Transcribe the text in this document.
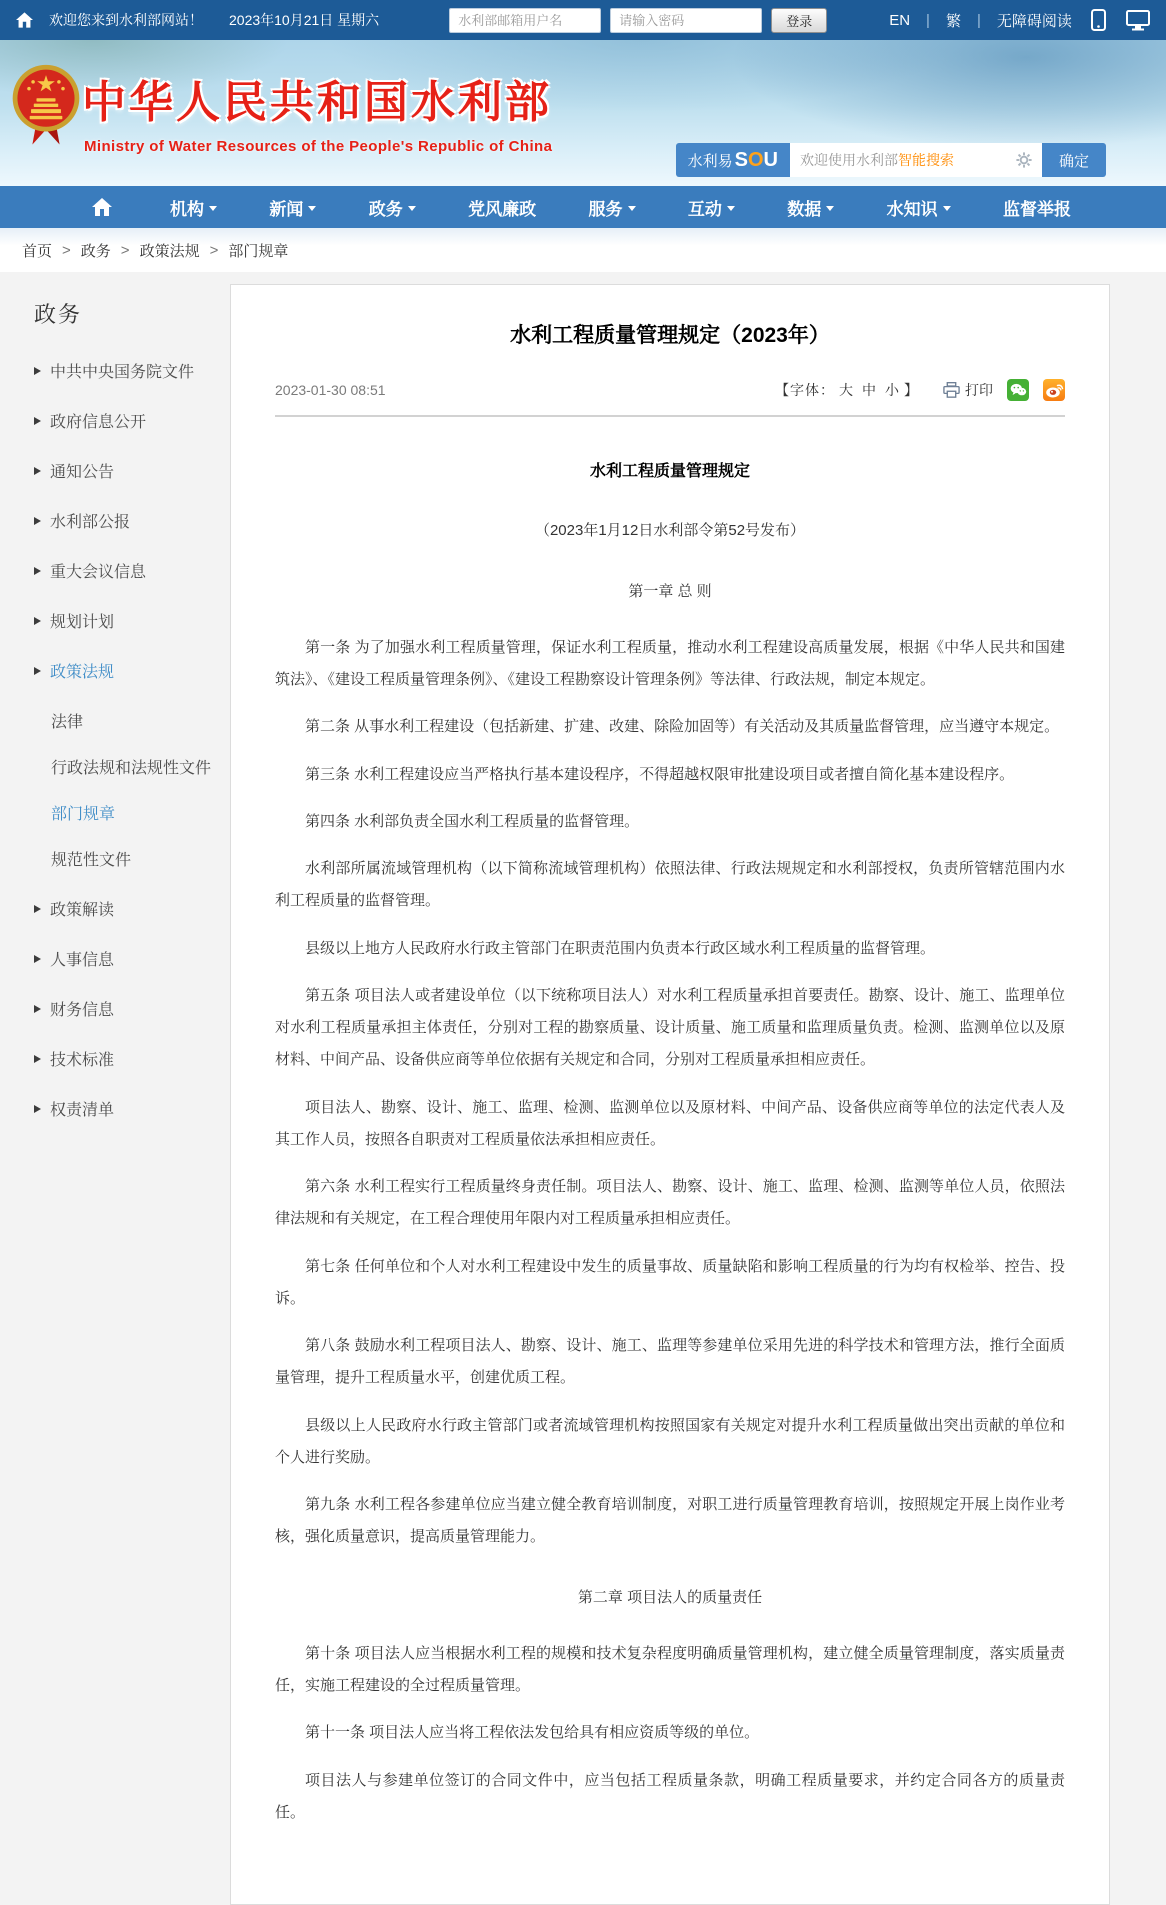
欢迎您来到水利部网站！ 2023年10月21日 星期六
水利部邮箱用户名	登录	EN | 繁 | 无障碍阅读
中华人民共和国水利部
Ministry of Water Resources of the People's Republic of China
水利易 SOU 欢迎使用水利部 智能搜索	确定
机构	新闻	政务	党风廉政	服务	互动	数据	水知识	监督举报
首页 > 政务 > 政策法规 > 部门规章
政务
中共中央国务院文件
政府信息公开
通知公告
水利部公报
重大会议信息
规划计划
政策法规
法律
行政法规和法规性文件
部门规章
规范性文件
政策解读
人事信息
财务信息
技术标准
权责清单
水利工程质量管理规定（2023年）
2023-01-30 08:51	【字体： 大 中 小 】	打印

水利工程质量管理规定

（2023年1月12日水利部令第52号发布）

第一章 总 则

第一条 为了加强水利工程质量管理，保证水利工程质量，推动水利工程建设高质量发展，根据《中华人民共和国建筑法》、《建设工程质量管理条例》、《建设工程勘察设计管理条例》等法律、行政法规，制定本规定。

第二条 从事水利工程建设（包括新建、扩建、改建、除险加固等）有关活动及其质量监督管理，应当遵守本规定。

第三条 水利工程建设应当严格执行基本建设程序，不得超越权限审批建设项目或者擅自简化基本建设程序。

第四条 水利部负责全国水利工程质量的监督管理。

水利部所属流域管理机构（以下简称流域管理机构）依照法律、行政法规规定和水利部授权，负责所管辖范围内水利工程质量的监督管理。

县级以上地方人民政府水行政主管部门在职责范围内负责本行政区域水利工程质量的监督管理。

第五条 项目法人或者建设单位（以下统称项目法人）对水利工程质量承担首要责任。勘察、设计、施工、监理单位对水利工程质量承担主体责任，分别对工程的勘察质量、设计质量、施工质量和监理质量负责。检测、监测单位以及原材料、中间产品、设备供应商等单位依据有关规定和合同，分别对工程质量承担相应责任。

项目法人、勘察、设计、施工、监理、检测、监测单位以及原材料、中间产品、设备供应商等单位的法定代表人及其工作人员，按照各自职责对工程质量依法承担相应责任。

第六条 水利工程实行工程质量终身责任制。项目法人、勘察、设计、施工、监理、检测、监测等单位人员，依照法律法规和有关规定，在工程合理使用年限内对工程质量承担相应责任。

第七条 任何单位和个人对水利工程建设中发生的质量事故、质量缺陷和影响工程质量的行为均有权检举、控告、投诉。

第八条 鼓励水利工程项目法人、勘察、设计、施工、监理等参建单位采用先进的科学技术和管理方法，推行全面质量管理，提升工程质量水平，创建优质工程。

县级以上人民政府水行政主管部门或者流域管理机构按照国家有关规定对提升水利工程质量做出突出贡献的单位和个人进行奖励。

第九条 水利工程各参建单位应当建立健全教育培训制度，对职工进行质量管理教育培训，按照规定开展上岗作业考核，强化质量意识，提高质量管理能力。

第二章 项目法人的质量责任

第十条 项目法人应当根据水利工程的规模和技术复杂程度明确质量管理机构，建立健全质量管理制度，落实质量责任，实施工程建设的全过程质量管理。

第十一条 项目法人应当将工程依法发包给具有相应资质等级的单位。

项目法人与参建单位签订的合同文件中，应当包括工程质量条款，明确工程质量要求，并约定合同各方的质量责任。
